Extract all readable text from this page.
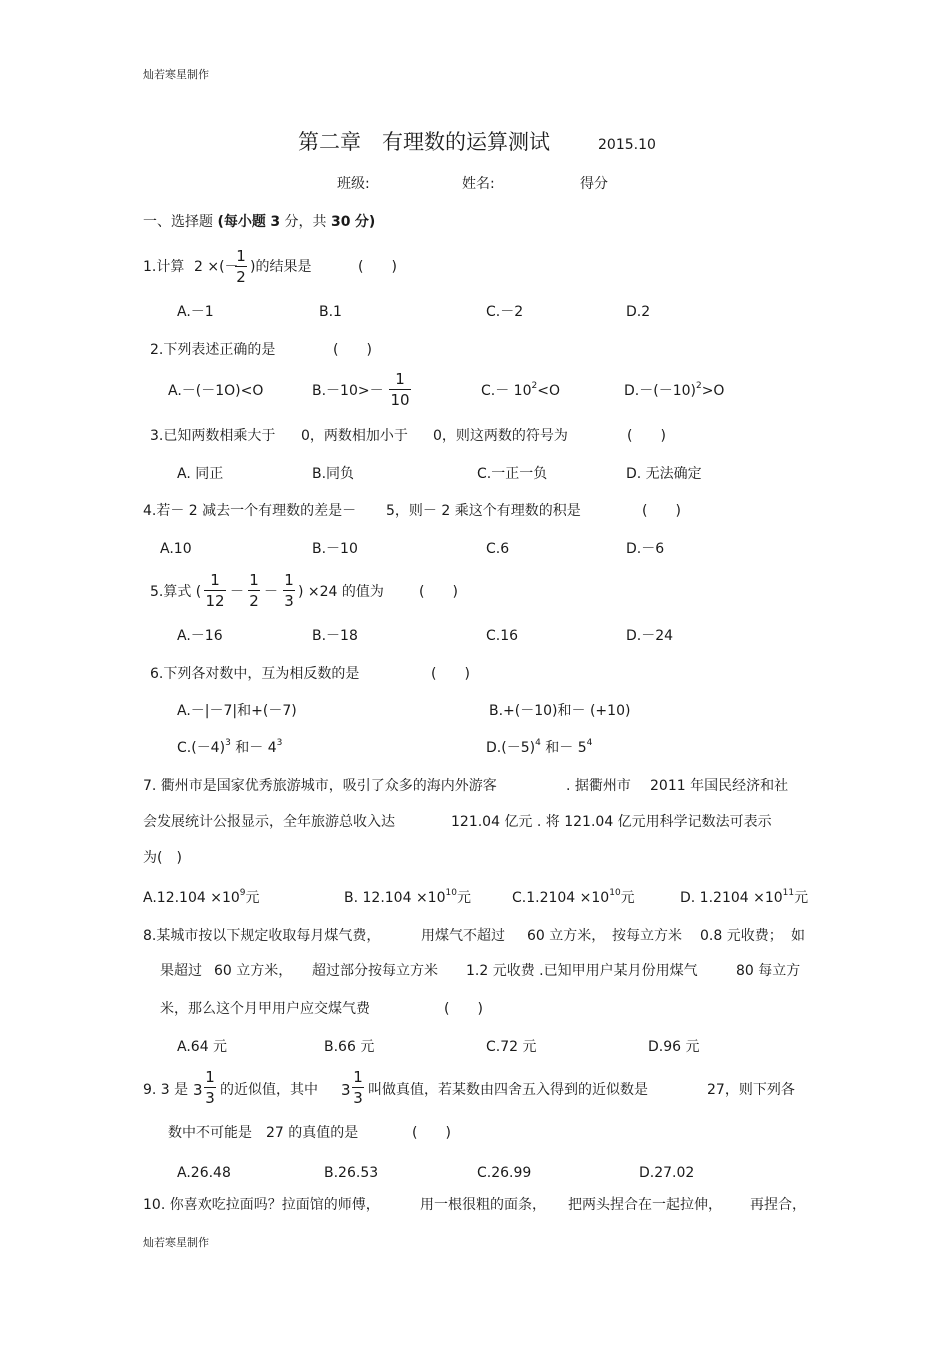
灿若寒星制作
灿若寒星制作
第二章　有理数的运算测试	2015.10
班级:	姓名:	得分
一、选择题 (每小题 3 分，共 30 分)
1.计算 2 ×(－
1
2
)的结果是	(　　)
A.－1	B.1	C.－2	D.2
2.下列表述正确的是	(　　)
A.－(－1O)<O	B.－10>－
1
10	$C.- 10^2<O$	$D.-(-10)^2>O$
3.已知两数相乘大于 0，两数相加小于 0，则这两数的符号为	(　　)
A. 同正	B.同负	C.一正一负	D. 无法确定
4.若－ 2 减去一个有理数的差是－ 5，则－ 2 乘这个有理数的积是	(　　)
A.10	B.－10	C.6	D.－6
5.算式 (
1
12 －
1
2 －
1
3 ) ×24 的值为	(　　)
A.－16	B.－18	C.16	D.－24
6.下列各对数中，互为相反数的是	(　　)
A.－|－7|和+(－7)	B.+(－10)和－ (+10)
$C.(-4)^3$ 和－ $4^3$	$D.(-5)^4$ 和－ $5^4$
7. 衢州市是国家优秀旅游城市，吸引了众多的海内外游客	. 据衢州市 2011 年国民经济和社
会发展统计公报显示，全年旅游总收入达	121.04 亿元 . 将 121.04 亿元用科学记数法可表示
为(　)
$A.12.104 \times 10^9$元	B. $12.104 \times 10^{10}$元	$C.1.2104 \times 10^{10}$元	D. $1.2104 \times 10^{11}$元
8.某城市按以下规定收取每月煤气费，	用煤气不超过 60 立方米， 按每立方米 0.8 元收费； 如
果超过 60 立方米， 超过部分按每立方米 1.2 元收费 .已知甲用户某月份用煤气	80 每立方
米，那么这个月甲用户应交煤气费	(　　)
A.64 元	B.66 元	C.72 元	D.96 元
9. 3 是 3
1
3 的近似值，其中 3
1
3 叫做真值，若某数由四舍五入得到的近似数是	27，则下列各
数中不可能是　27 的真值的是	(　　)
A.26.48	B.26.53	C.26.99	D.27.02
10. 你喜欢吃拉面吗？拉面馆的师傅，	用一根很粗的面条， 把两头捏合在一起拉伸， 再捏合，
